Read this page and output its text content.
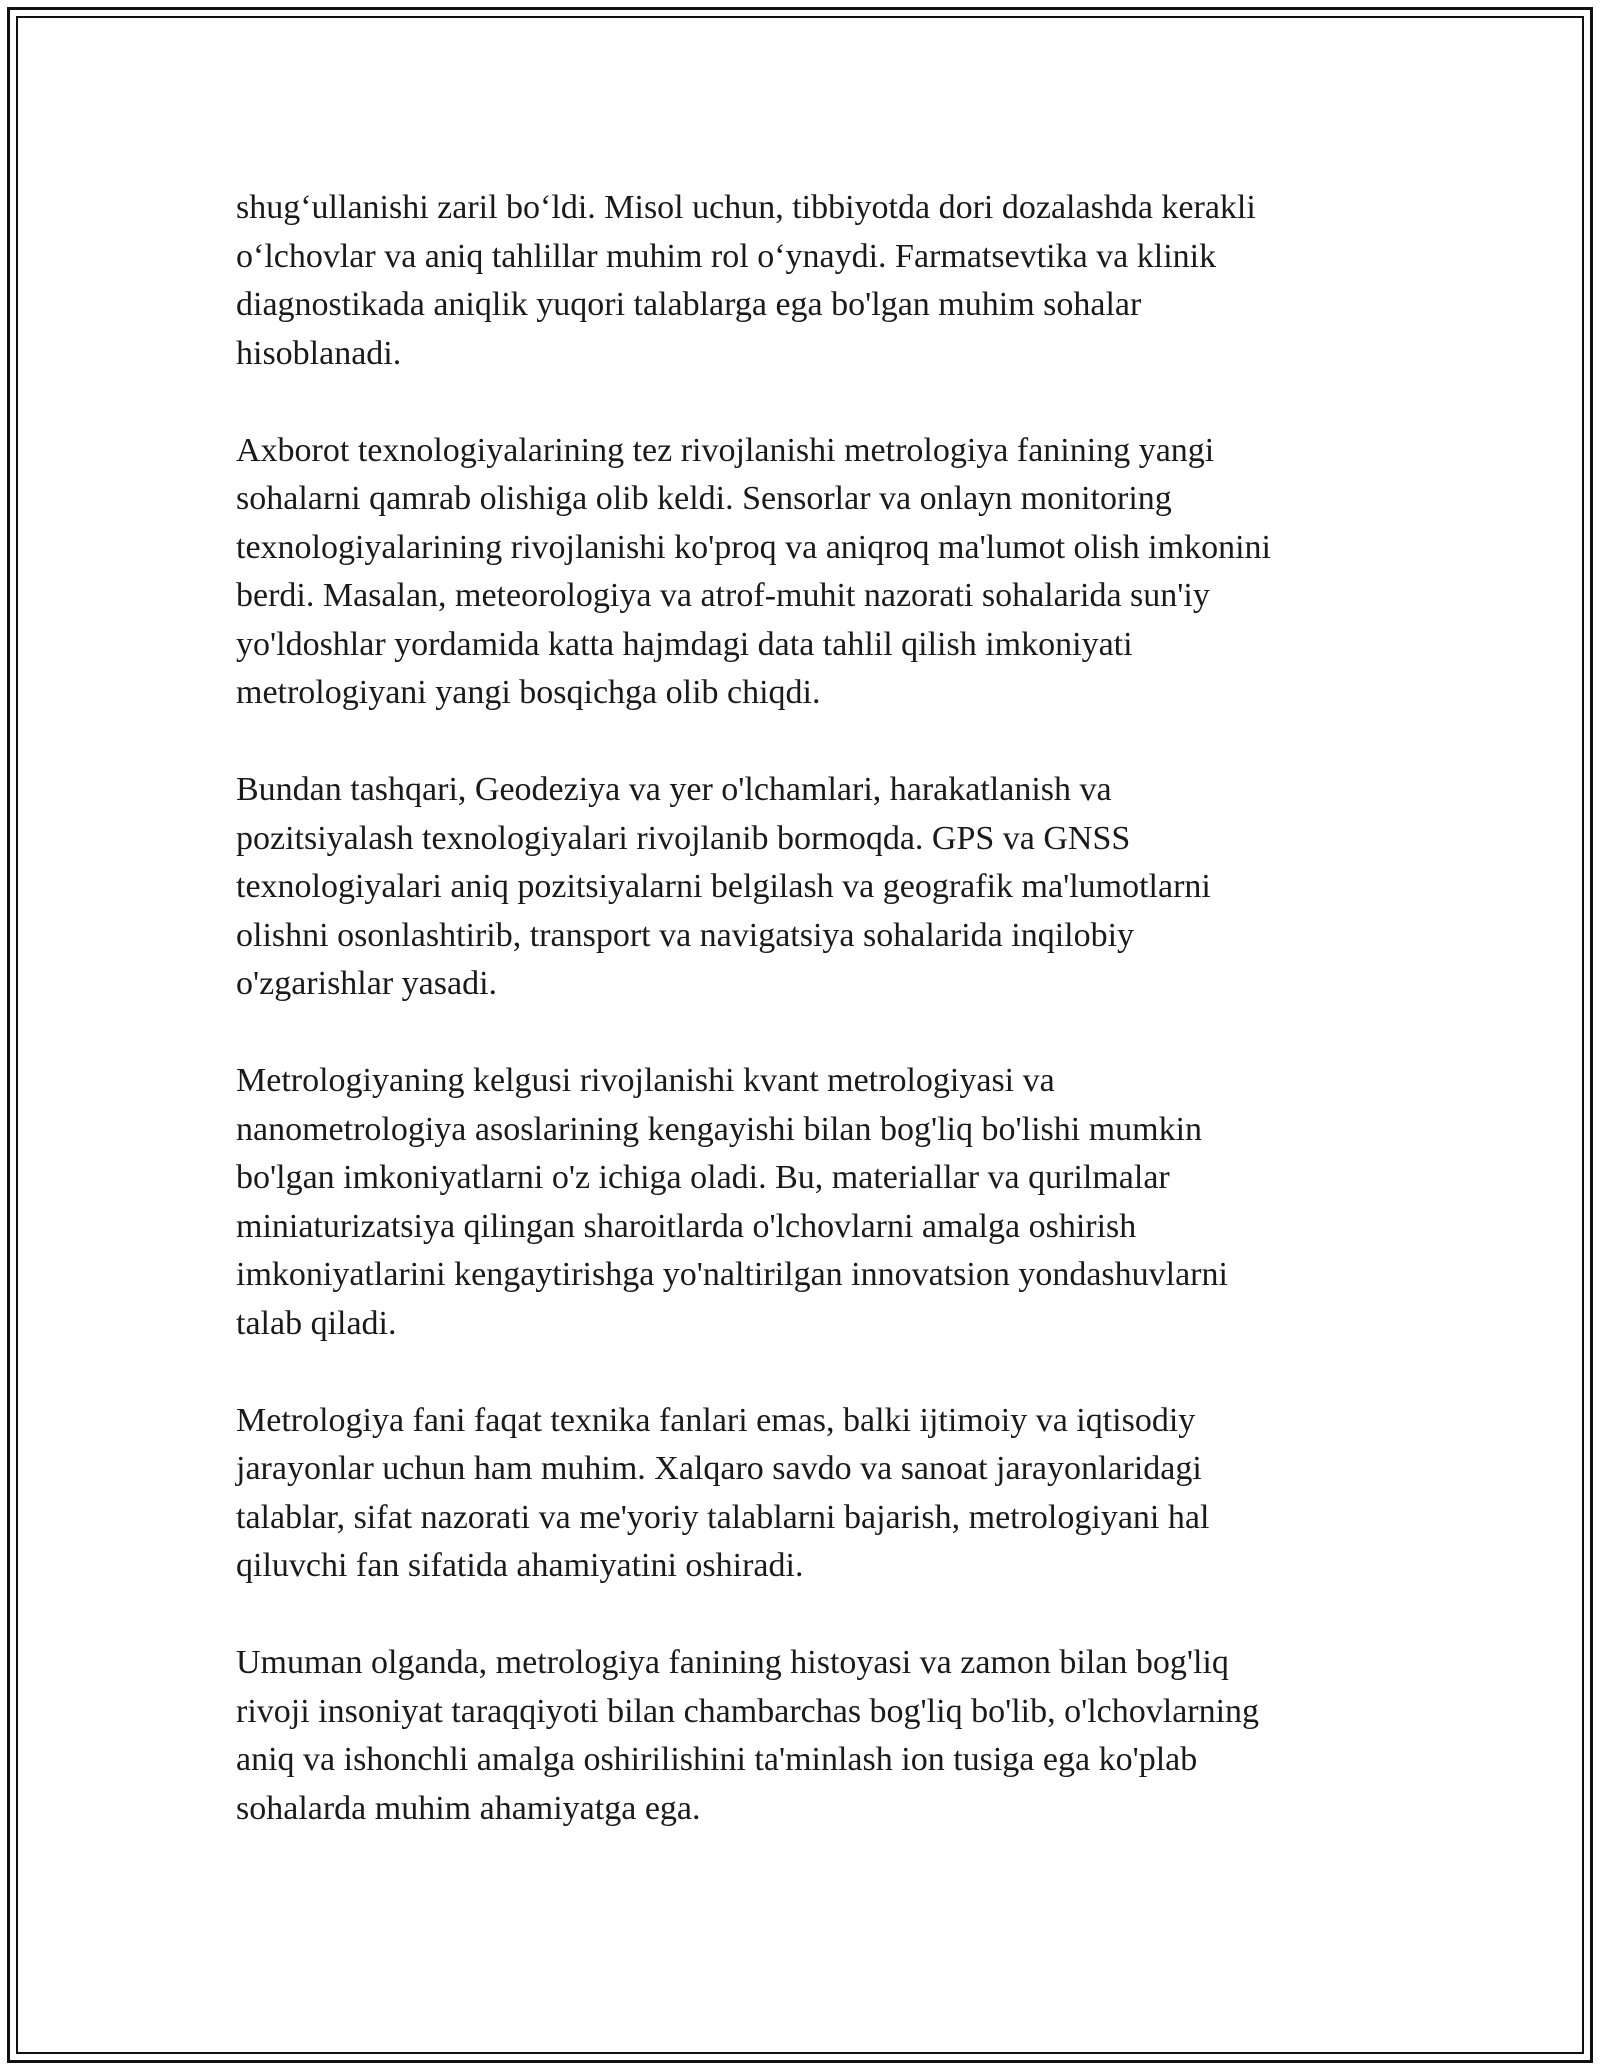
shug‘ullanishi zaril bo‘ldi. Misol uchun, tibbiyotda dori dozalashda kerakli
o‘lchovlar va aniq tahlillar muhim rol o‘ynaydi. Farmatsevtika va klinik
diagnostikada aniqlik yuqori talablarga ega bo'lgan muhim sohalar
hisoblanadi.

Axborot texnologiyalarining tez rivojlanishi metrologiya fanining yangi
sohalarni qamrab olishiga olib keldi. Sensorlar va onlayn monitoring
texnologiyalarining rivojlanishi ko'proq va aniqroq ma'lumot olish imkonini
berdi. Masalan, meteorologiya va atrof-muhit nazorati sohalarida sun'iy
yo'ldoshlar yordamida katta hajmdagi data tahlil qilish imkoniyati
metrologiyani yangi bosqichga olib chiqdi.

Bundan tashqari, Geodeziya va yer o'lchamlari, harakatlanish va
pozitsiyalash texnologiyalari rivojlanib bormoqda. GPS va GNSS
texnologiyalari aniq pozitsiyalarni belgilash va geografik ma'lumotlarni
olishni osonlashtirib, transport va navigatsiya sohalarida inqilobiy
o'zgarishlar yasadi.

Metrologiyaning kelgusi rivojlanishi kvant metrologiyasi va
nanometrologiya asoslarining kengayishi bilan bog'liq bo'lishi mumkin
bo'lgan imkoniyatlarni o'z ichiga oladi. Bu, materiallar va qurilmalar
miniaturizatsiya qilingan sharoitlarda o'lchovlarni amalga oshirish
imkoniyatlarini kengaytirishga yo'naltirilgan innovatsion yondashuvlarni
talab qiladi.

Metrologiya fani faqat texnika fanlari emas, balki ijtimoiy va iqtisodiy
jarayonlar uchun ham muhim. Xalqaro savdo va sanoat jarayonlaridagi
talablar, sifat nazorati va me'yoriy talablarni bajarish, metrologiyani hal
qiluvchi fan sifatida ahamiyatini oshiradi.

Umuman olganda, metrologiya fanining histoyasi va zamon bilan bog'liq
rivoji insoniyat taraqqiyoti bilan chambarchas bog'liq bo'lib, o'lchovlarning
aniq va ishonchli amalga oshirilishini ta'minlash ion tusiga ega ko'plab
sohalarda muhim ahamiyatga ega.
